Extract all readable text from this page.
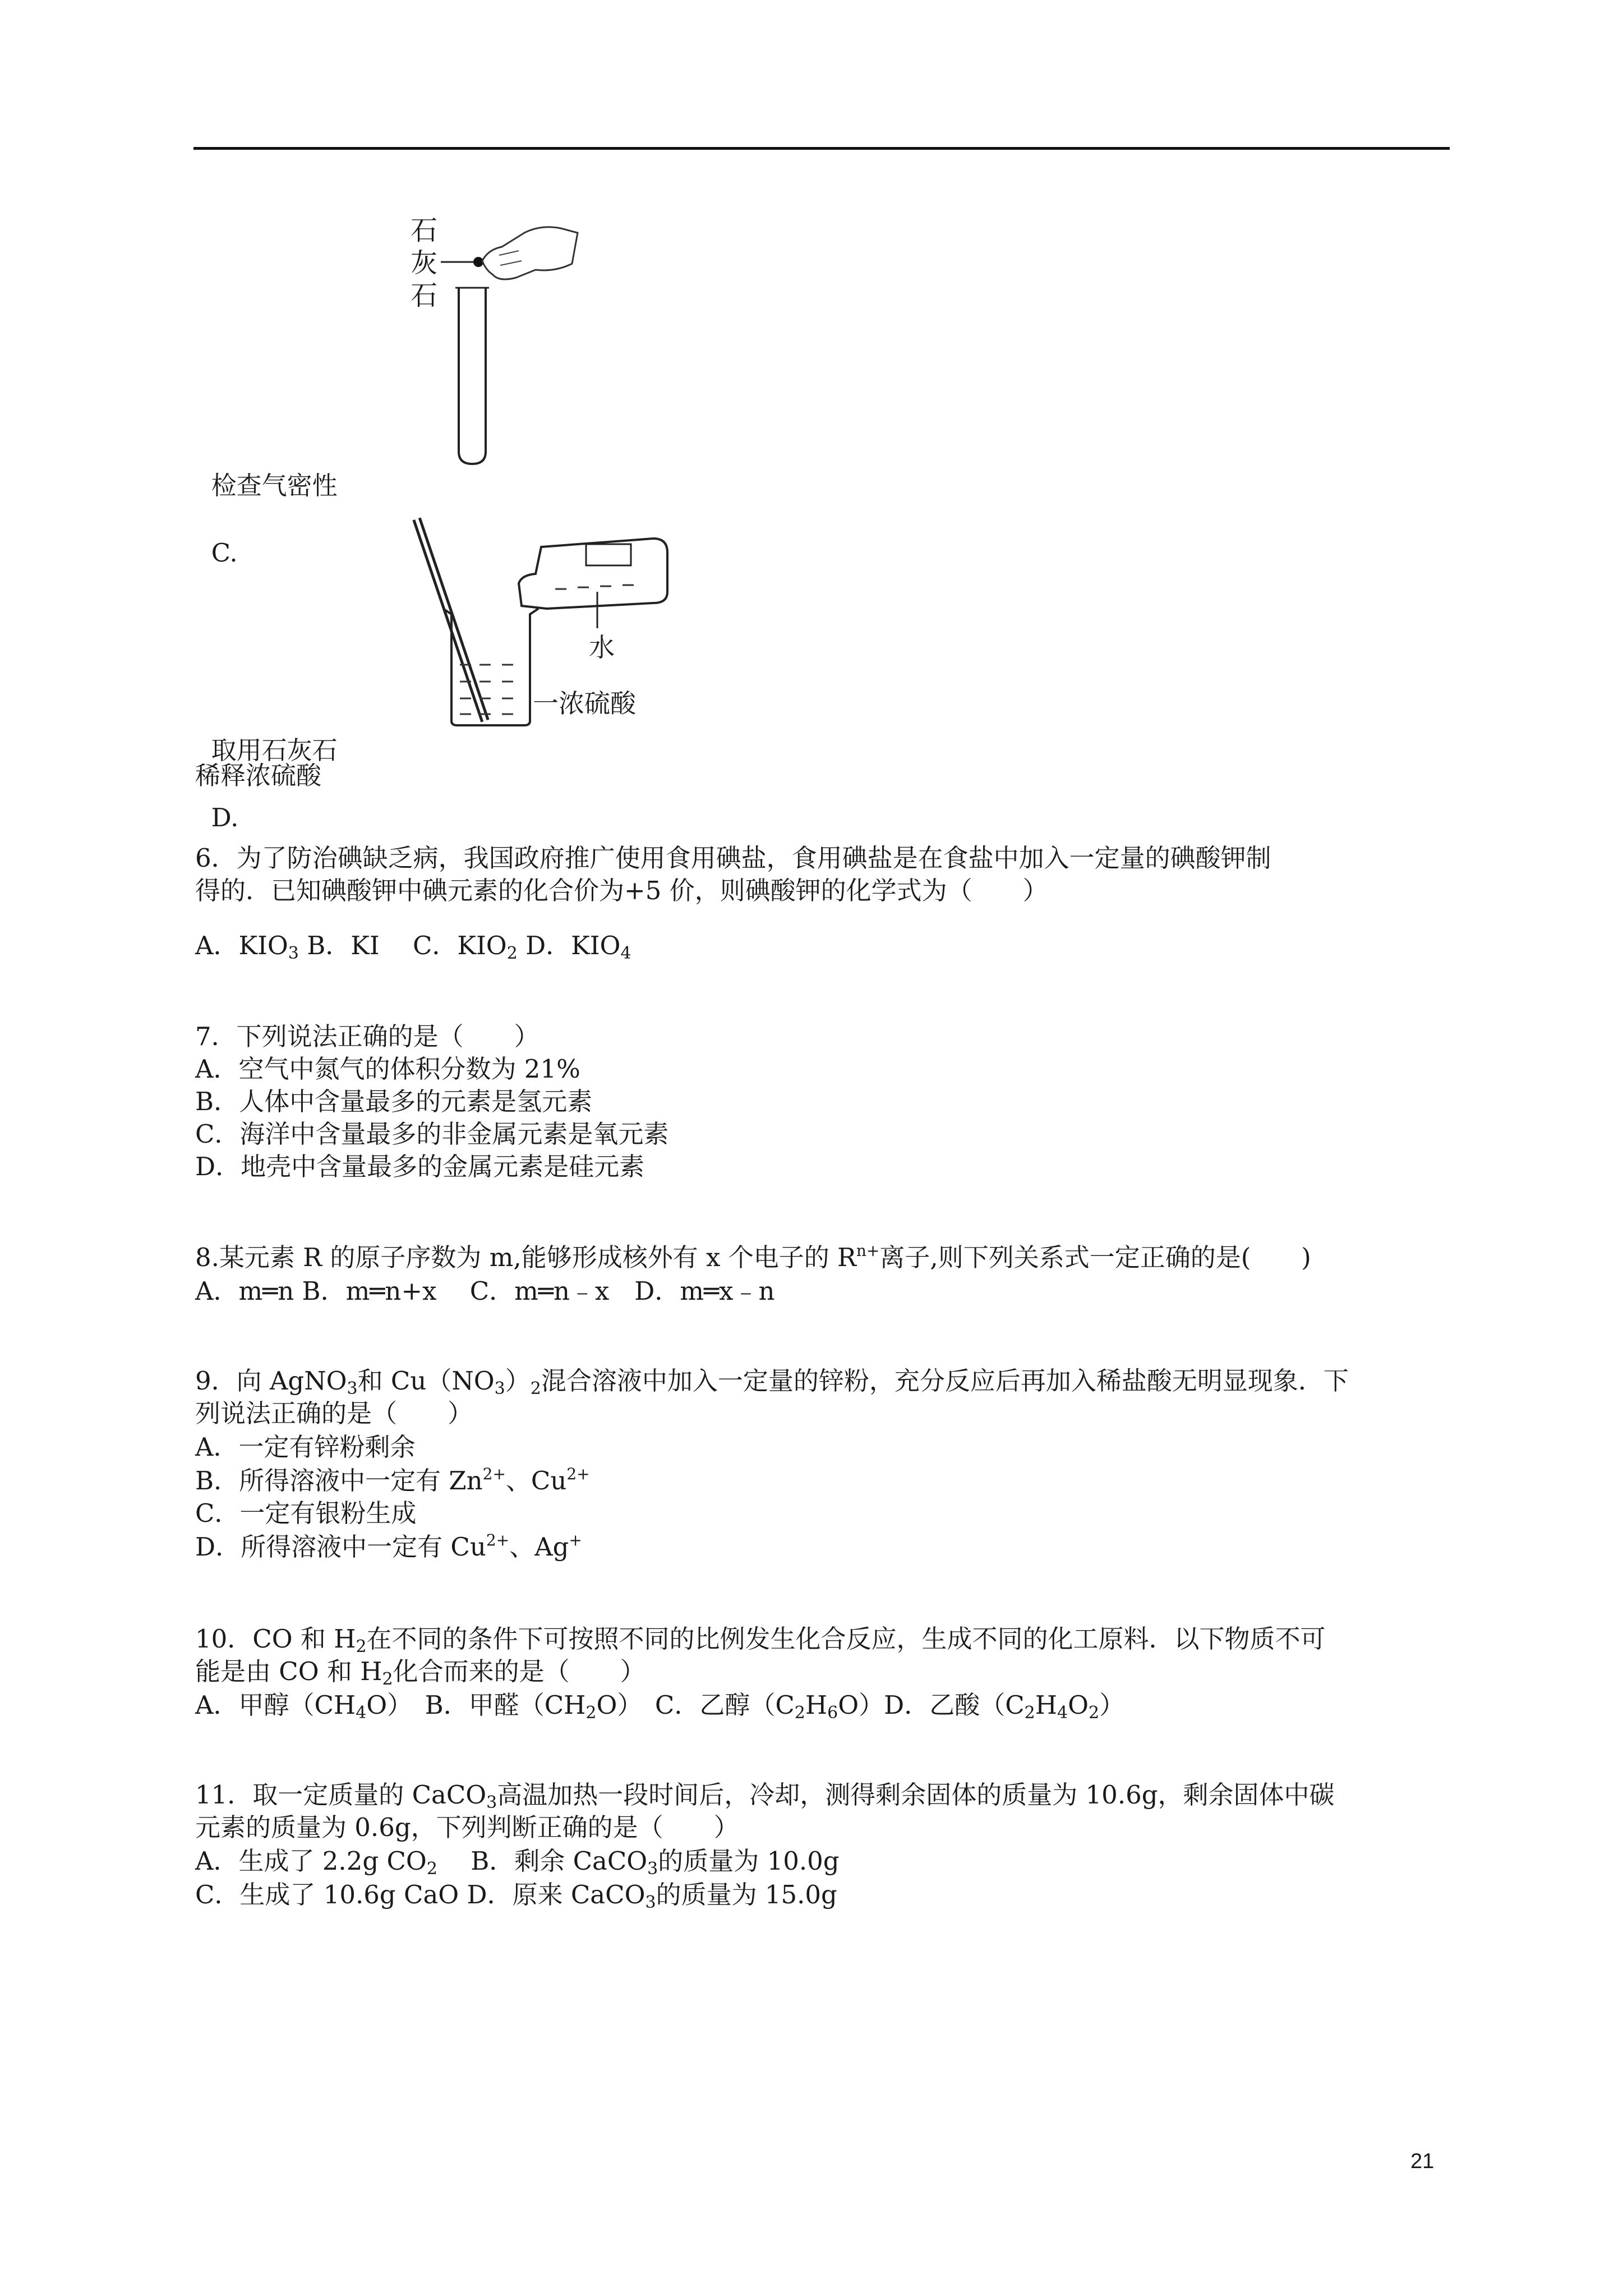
石
灰
石

检查气密性

C.

水
一浓硫酸

取用石灰石

D.

稀释浓硫酸
6．为了防治碘缺乏病，我国政府推广使用食用碘盐，食用碘盐是在食盐中加入一定量的碘酸钾制
得的．已知碘酸钾中碘元素的化合价为+5 价，则碘酸钾的化学式为（　　）
A．$KIO_3$ B．KI　 C．$KIO_2$ D．$KIO_4$
7．下列说法正确的是（　　）
A．空气中氮气的体积分数为 21%
B．人体中含量最多的元素是氢元素
C．海洋中含量最多的非金属元素是氧元素
D．地壳中含量最多的金属元素是硅元素
8.某元素 R 的原子序数为 m,能够形成核外有 x 个电子的 $R^{n+}$离子,则下列关系式一定正确的是(　　)
A．m═n B．m═n+x　 C．m═n﹣x　D．m═x﹣n
9．向 AgNO$_3$和 $Cu(NO_3)_2$混合溶液中加入一定量的锌粉，充分反应后再加入稀盐酸无明显现象．下
列说法正确的是（　　）
A．一定有锌粉剩余
B．所得溶液中一定有 $Zn^{2+}$、$Cu^{2+}$
C．一定有银粉生成
D．所得溶液中一定有 $Cu^{2+}$、Ag+
10．CO 和 $H_2$在不同的条件下可按照不同的比例发生化合反应，生成不同的化工原料．以下物质不可
能是由 CO 和 $H_2$化合而来的是（　　）
A．甲醇$(CH_4O)$　B．甲醛$(CH_2O)$　C．乙醇$(C_2H_6O)D$．乙酸$(C_2H_4O_2)$
11．取一定质量的 CaCO$_3$高温加热一段时间后，冷却，测得剩余固体的质量为 10.6g，剩余固体中碳
元素的质量为 0.6g，下列判断正确的是（　　）
A．生成了 2.2g $CO_2$　 B．剩余 CaCO$_3$的质量为 10.0g
C．生成了 10.6g CaO D．原来 CaCO$_3$的质量为 15.0g
21
